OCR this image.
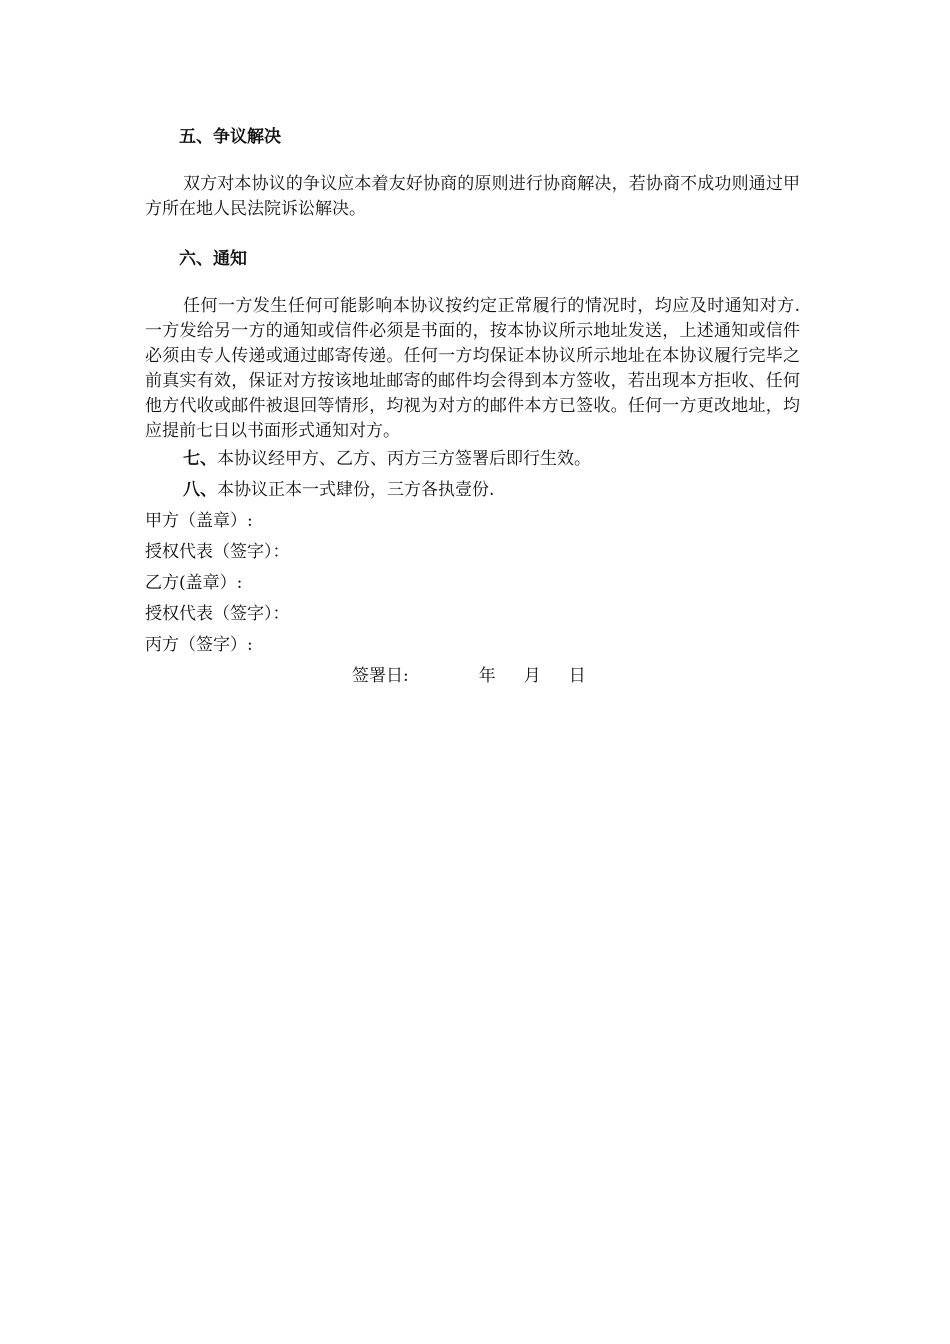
五、争议解决

双方对本协议的争议应本着友好协商的原则进行协商解决，若协商不成功则通过甲方所在地人民法院诉讼解决。

六、通知

任何一方发生任何可能影响本协议按约定正常履行的情况时，均应及时通知对方.一方发给另一方的通知或信件必须是书面的，按本协议所示地址发送，上述通知或信件必须由专人传递或通过邮寄传递。任何一方均保证本协议所示地址在本协议履行完毕之前真实有效，保证对方按该地址邮寄的邮件均会得到本方签收，若出现本方拒收、任何他方代收或邮件被退回等情形，均视为对方的邮件本方已签收。任何一方更改地址，均应提前七日以书面形式通知对方。

七、本协议经甲方、乙方、丙方三方签署后即行生效。

八、本协议正本一式肆份，三方各执壹份.

甲方（盖章）:

授权代表（签字）：

乙方(盖章）:

授权代表（签字）：

丙方（签字）:

签署日:	年 月 日
